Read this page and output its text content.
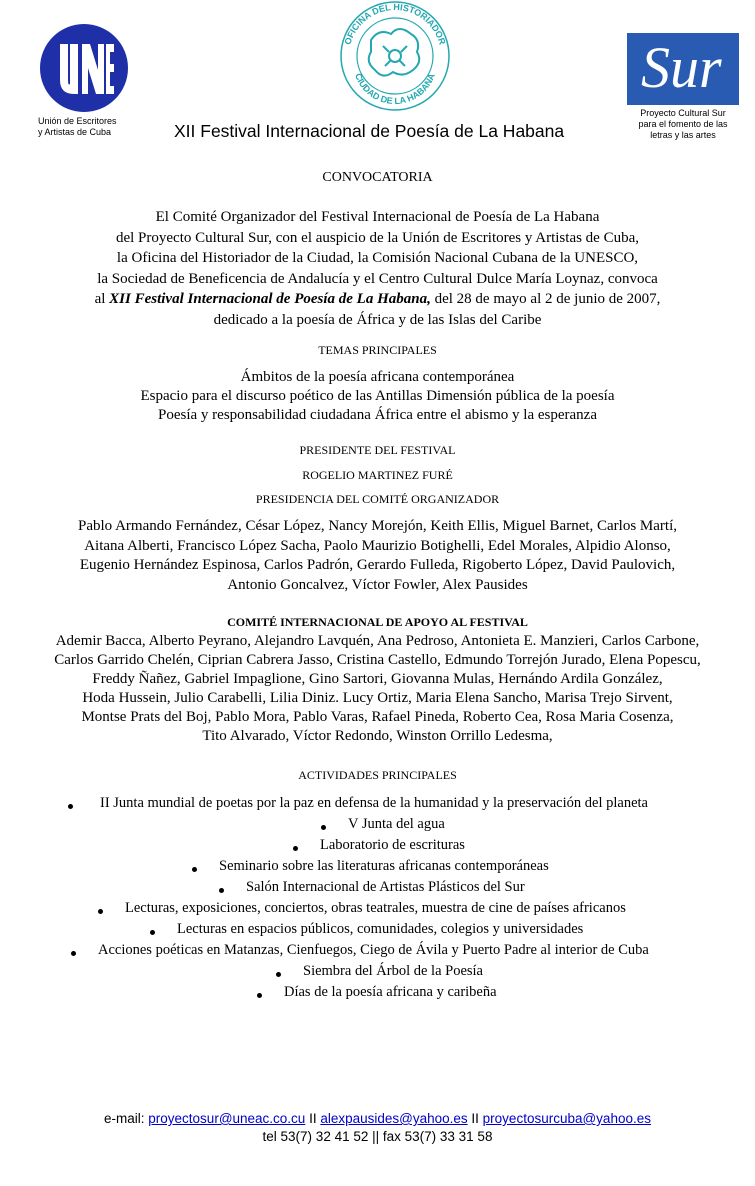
Unión de Escritores
y Artistas de Cuba
OFICINA DEL HISTORIADOR
CIUDAD DE LA HABANA	Sur
Proyecto Cultural Sur
para el fomento de las
letras y las artes
XII Festival Internacional de Poesía de La Habana
CONVOCATORIA
El Comité Organizador del Festival Internacional de Poesía de La Habana
del Proyecto Cultural Sur, con el auspicio de la Unión de Escritores y Artistas de Cuba,
la Oficina del Historiador de la Ciudad, la Comisión Nacional Cubana de la UNESCO,
la Sociedad de Beneficencia de Andalucía y el Centro Cultural Dulce María Loynaz, convoca
al XII Festival Internacional de Poesía de La Habana, del 28 de mayo al 2 de junio de 2007,
dedicado a la poesía de África y de las Islas del Caribe
TEMAS PRINCIPALES
Ámbitos de la poesía africana contemporánea
Espacio para el discurso poético de las Antillas Dimensión pública de la poesía
Poesía y responsabilidad ciudadana África entre el abismo y la esperanza
PRESIDENTE DEL FESTIVAL
ROGELIO MARTINEZ FURÉ
PRESIDENCIA DEL COMITÉ ORGANIZADOR
Pablo Armando Fernández, César López, Nancy Morejón, Keith Ellis, Miguel Barnet, Carlos Martí,
Aitana Alberti, Francisco López Sacha, Paolo Maurizio Botighelli, Edel Morales, Alpidio Alonso,
Eugenio Hernández Espinosa, Carlos Padrón, Gerardo Fulleda, Rigoberto López, David Paulovich,
Antonio Goncalvez, Víctor Fowler, Alex Pausides
COMITÉ INTERNACIONAL DE APOYO AL FESTIVAL
Ademir Bacca, Alberto Peyrano, Alejandro Lavquén, Ana Pedroso, Antonieta E. Manzieri, Carlos Carbone,
Carlos Garrido Chelén, Ciprian Cabrera Jasso, Cristina Castello, Edmundo Torrejón Jurado, Elena Popescu,
Freddy Ñañez, Gabriel Impaglione, Gino Sartori, Giovanna Mulas, Hernándo Ardila González,
Hoda Hussein, Julio Carabelli, Lilia Diniz. Lucy Ortiz, Maria Elena Sancho, Marisa Trejo Sirvent,
Montse Prats del Boj, Pablo Mora, Pablo Varas, Rafael Pineda, Roberto Cea, Rosa Maria Cosenza,
Tito Alvarado, Víctor Redondo, Winston Orrillo Ledesma,
ACTIVIDADES PRINCIPALES
II Junta mundial de poetas por la paz en defensa de la humanidad y la preservación del planeta
V Junta del agua
Laboratorio de escrituras
Seminario sobre las literaturas africanas contemporáneas
Salón Internacional de Artistas Plásticos del Sur
Lecturas, exposiciones, conciertos, obras teatrales, muestra de cine de países africanos
Lecturas en espacios públicos, comunidades, colegios y universidades
Acciones poéticas en Matanzas, Cienfuegos, Ciego de Ávila y Puerto Padre al interior de Cuba
Siembra del Árbol de la Poesía
Días de la poesía africana y caribeña
e-mail: proyectosur@uneac.co.cu II alexpausides@yahoo.es II proyectosurcuba@yahoo.es
tel 53(7) 32 41 52 || fax 53(7) 33 31 58
